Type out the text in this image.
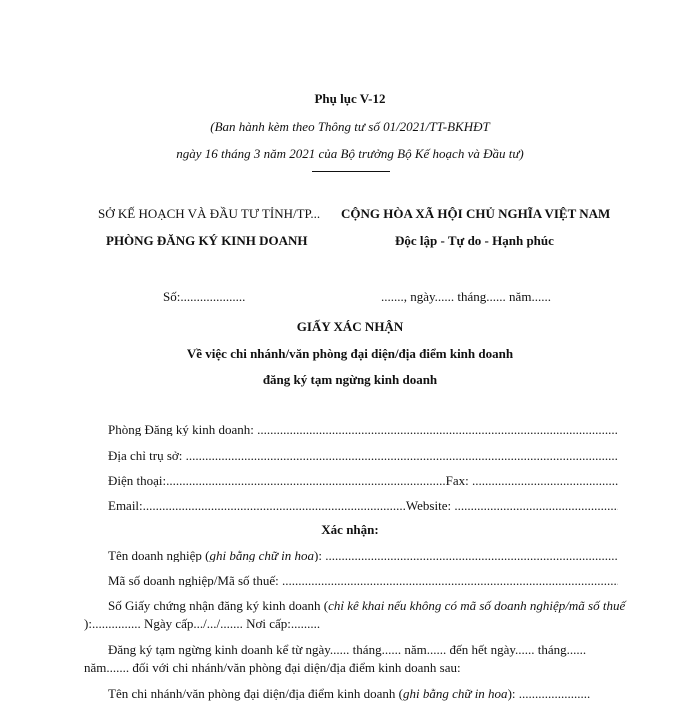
Phụ lục V-12
(Ban hành kèm theo Thông tư số 01/2021/TT-BKHĐT
ngày 16 tháng 3 năm 2021 của Bộ trưởng Bộ Kế hoạch và Đầu tư)
SỞ KẾ HOẠCH VÀ ĐẦU TƯ TỈNH/TP...
PHÒNG ĐĂNG KÝ KINH DOANH
CỘNG HÒA XÃ HỘI CHỦ NGHĨA VIỆT NAM
Độc lập - Tự do - Hạnh phúc
Số:....................	......., ngày...... tháng...... năm......
GIẤY XÁC NHẬN
Về việc chi nhánh/văn phòng đại diện/địa điểm kinh doanh
đăng ký tạm ngừng kinh doanh
Phòng Đăng ký kinh doanh: .....
Địa chỉ trụ sở: .....
Điện thoại:......................................................................................Fax: .....
Email:.................................................................................Website: .....
Xác nhận:
Tên doanh nghiệp (ghi bằng chữ in hoa): .....
Mã số doanh nghiệp/Mã số thuế: .....
Số Giấy chứng nhận đăng ký kinh doanh (chỉ kê khai nếu không có mã số doanh nghiệp/mã số thuế
):............... Ngày cấp.../.../....... Nơi cấp:.........
Đăng ký tạm ngừng kinh doanh kể từ ngày...... tháng...... năm...... đến hết ngày...... tháng......
năm....... đối với chi nhánh/văn phòng đại diện/địa điểm kinh doanh sau:
Tên chi nhánh/văn phòng đại diện/địa điểm kinh doanh (ghi bằng chữ in hoa): ......................
